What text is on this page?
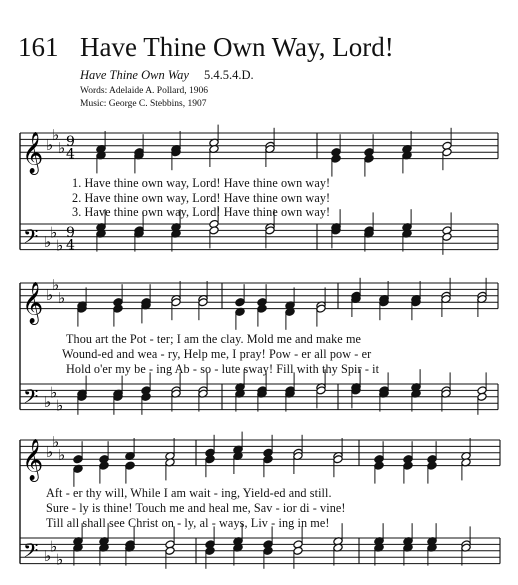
161 Have Thine Own Way, Lord!
Have Thine Own Way 5.4.5.4.D.
Words: Adelaide A. Pollard, 1906
Music: George C. Stebbins, 1907
𝄞
𝄢
♭
♭
♭
♭
♭
♭
9
4
9
4
𝄞
𝄢
♭
♭
♭
♭
♭
♭
𝄞
𝄢
♭
♭
♭
♭
♭
♭
1. Have thine own way, Lord! Have thine own way!
2. Have thine own way, Lord! Have thine own way!
3. Have thine own way, Lord! Have thine own way!
Thou art the Pot - ter; I am the clay. Mold me and make me
Wound-ed and wea - ry, Help me, I pray! Pow - er all pow - er
Hold o'er my be - ing Ab - so - lute sway! Fill with thy Spir - it
Aft - er thy will, While I am wait - ing, Yield-ed and still.
Sure - ly is thine! Touch me and heal me, Sav - ior di - vine!
Till all shall see Christ on - ly, al - ways, Liv - ing in me!
